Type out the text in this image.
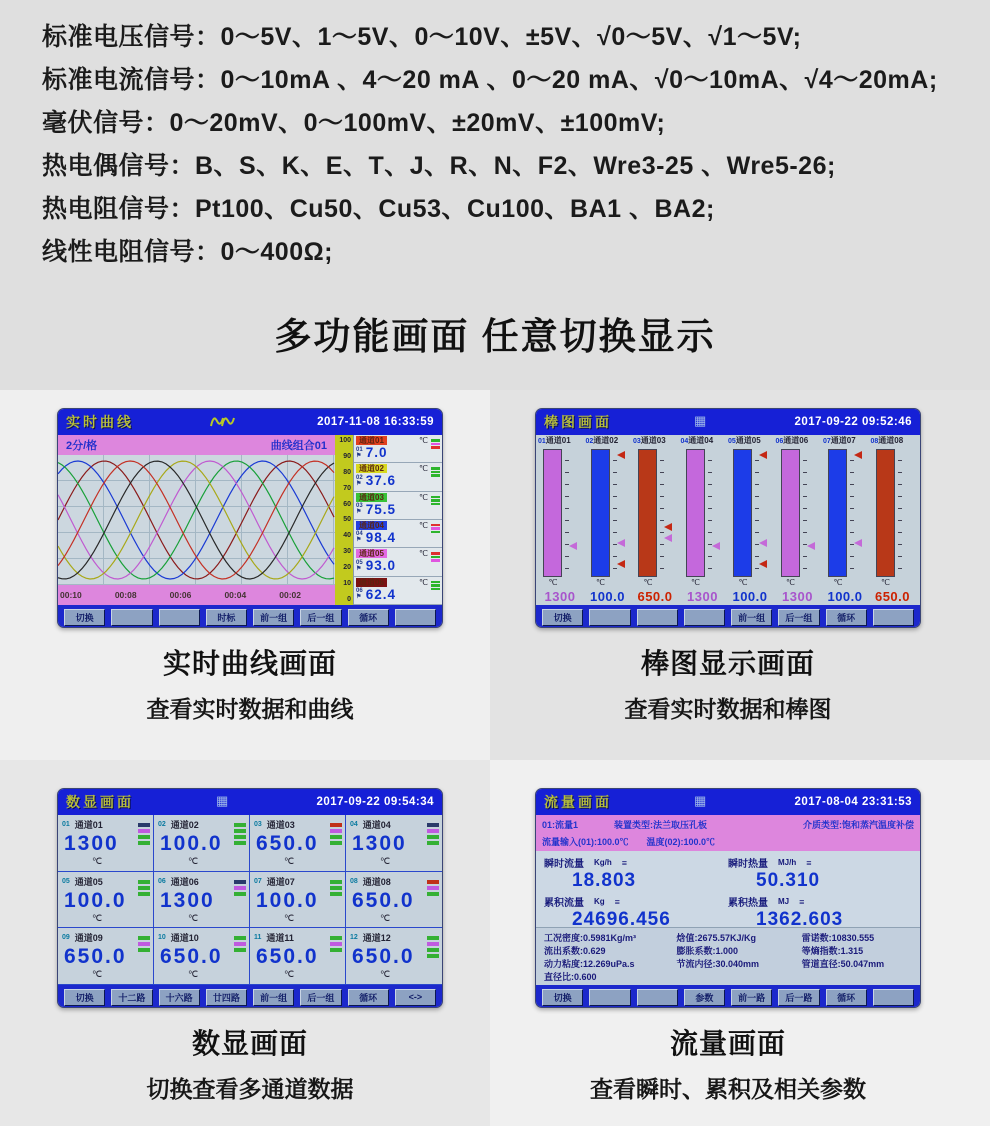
标准电压信号：0～5V、1～5V、0～10V、±5V、√0～5V、√1～5V;

标准电流信号：0～10mA 、4～20 mA 、0～20 mA、√0～10mA、√4～20mA;

毫伏信号：0～20mV、0～100mV、±20mV、±100mV;

热电偶信号：B、S、K、E、T、J、R、N、F2、Wre3-25 、Wre5-26;

热电阻信号：Pt100、Cu50、Cu53、Cu100、BA1 、BA2;

线性电阻信号：0～400Ω;

多功能画面 任意切换显示
实时曲线	2017-11-08 16:33:59
2分/格	曲线组合01
00:10	00:08	00:06	00:04	00:02
100
90
80
70
60
50
40
30
20
10
0
通道01	℃
01
⚑ 7.0
通道02	℃
02
⚑ 37.6
通道03	℃
03
⚑ 75.5
通道04	℃
04
⚑ 98.4
通道05	℃
05
⚑ 93.0
通道06	℃
06
⚑ 62.4
切换	时标	前一组	后一组	循环
实时曲线画面
查看实时数据和曲线
棒图画面	▦	2017-09-22 09:52:46
01通道01
℃
1300
02通道02
℃
100.0
03通道03
℃
650.0
04通道04
℃
1300
05通道05
℃
100.0
06通道06
℃
1300
07通道07
℃
100.0
08通道08
℃
650.0
切换	前一组	后一组	循环
棒图显示画面
查看实时数据和棒图
数显画面	▦	2017-09-22 09:54:34
01 通道01
1300
℃
02 通道02
100.0
℃
03 通道03
650.0
℃
04 通道04
1300
℃
05 通道05
100.0
℃
06 通道06
1300
℃
07 通道07
100.0
℃
08 通道08
650.0
℃
09 通道09
650.0
℃
10 通道10
650.0
℃
11 通道11
650.0
℃
12 通道12
650.0
℃
切换	十二路	十六路	廿四路	前一组	后一组	循环	<->
数显画面
切换查看多通道数据
流量画面	▦	2017-08-04 23:31:53
01:流量1	装置类型:法兰取压孔板	介质类型:饱和蒸汽温度补偿
流量输入(01):100.0℃ 温度(02):100.0℃
瞬时流量 Kg/h ≡
18.803
瞬时热量 MJ/h ≡
50.310
累积流量 Kg ≡
24696.456
累积热量 MJ ≡
1362.603
工况密度:0.5981Kg/m³	焓值:2675.57KJ/Kg	雷诺数:10830.555
流出系数:0.629	膨胀系数:1.000	等熵指数:1.315
动力粘度:12.269uPa.s	节流内径:30.040mm	管道直径:50.047mm
直径比:0.600
切换	参数	前一路	后一路	循环
流量画面
查看瞬时、累积及相关参数
